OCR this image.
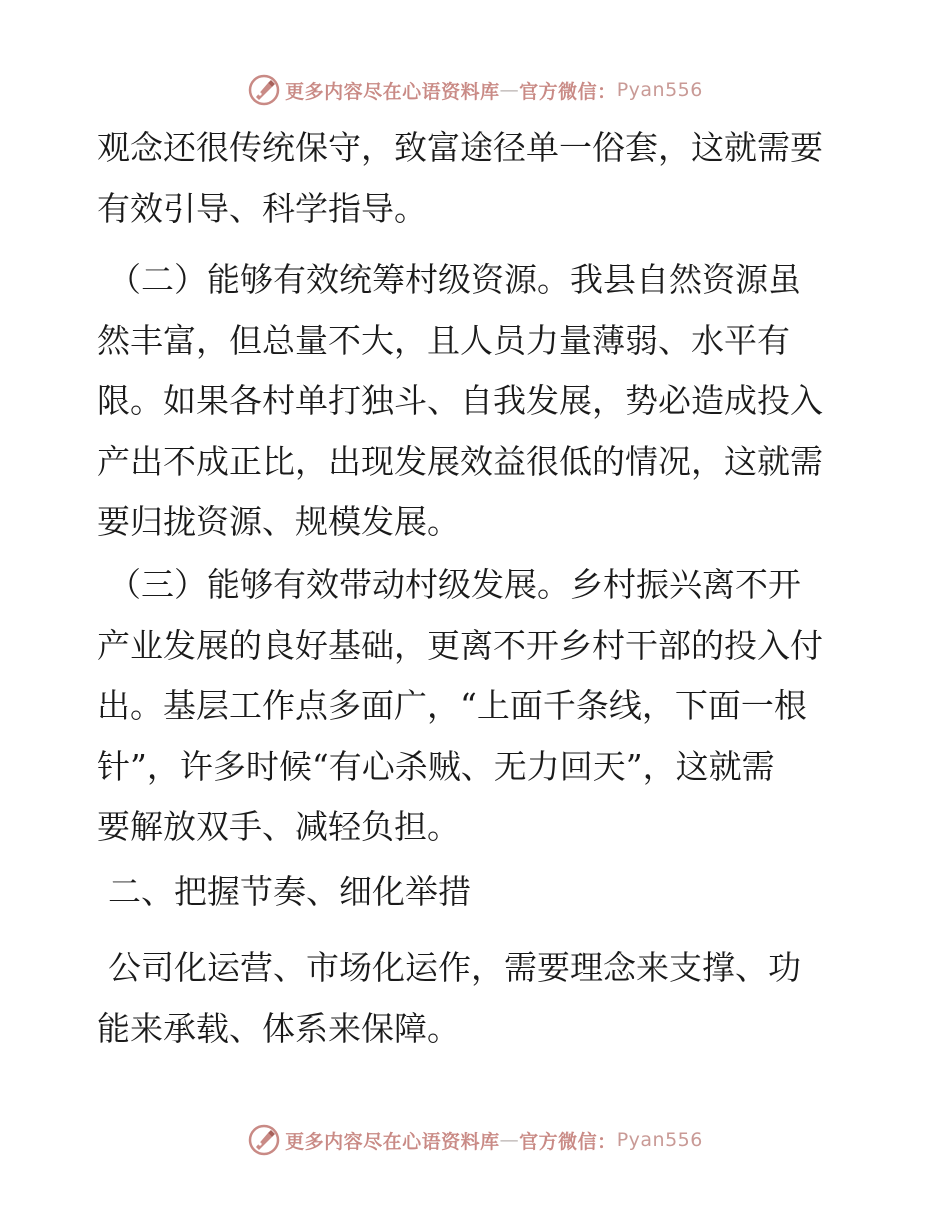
更多内容尽在心语资料库 — 官方微信： Pyan556
观念还很传统保守，致富途径单一俗套，这就需要
有效引导、科学指导。
（二）能够有效统筹村级资源。我县自然资源虽
然丰富，但总量不大，且人员力量薄弱、水平有
限。如果各村单打独斗、自我发展，势必造成投入
产出不成正比，出现发展效益很低的情况，这就需
要归拢资源、规模发展。
（三）能够有效带动村级发展。乡村振兴离不开
产业发展的良好基础，更离不开乡村干部的投入付
出。基层工作点多面广，“上面千条线，下面一根
针”，许多时候“有心杀贼、无力回天”，这就需
要解放双手、减轻负担。
二、把握节奏、细化举措
公司化运营、市场化运作，需要理念来支撑、功
能来承载、体系来保障。
更多内容尽在心语资料库 — 官方微信： Pyan556
